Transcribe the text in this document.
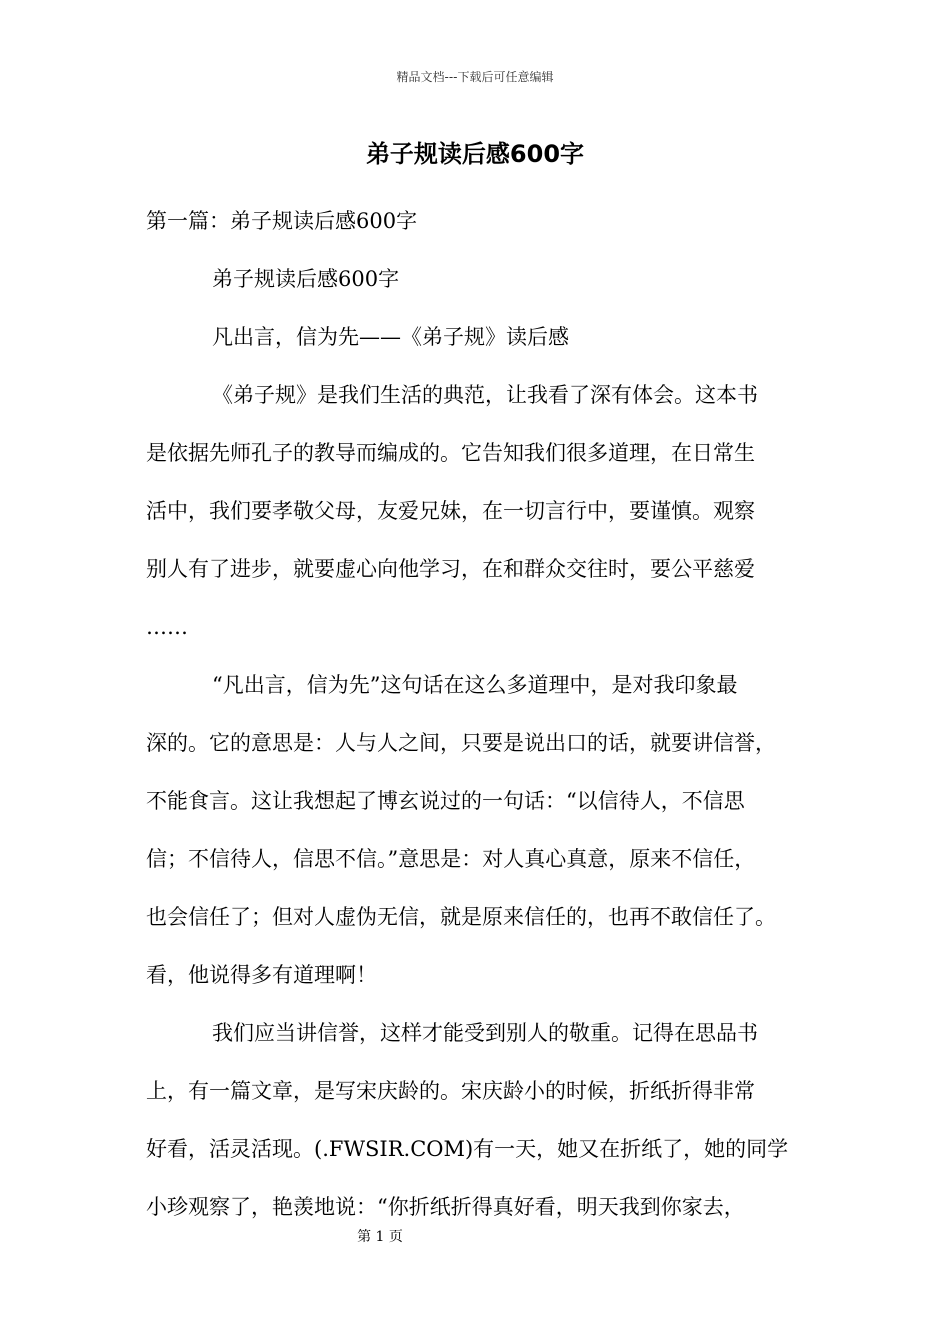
精品文档---下载后可任意编辑
弟子规读后感600字
第一篇：弟子规读后感600字
弟子规读后感600字
凡出言，信为先——《弟子规》读后感
《弟子规》是我们生活的典范，让我看了深有体会。这本书
是依据先师孔子的教导而编成的。它告知我们很多道理，在日常生
活中，我们要孝敬父母，友爱兄妹，在一切言行中，要谨慎。观察
别人有了进步，就要虚心向他学习，在和群众交往时，要公平慈爱
……
“凡出言，信为先”这句话在这么多道理中，是对我印象最
深的。它的意思是：人与人之间，只要是说出口的话，就要讲信誉，
不能食言。这让我想起了博玄说过的一句话：“以信待人，不信思
信；不信待人，信思不信。”意思是：对人真心真意，原来不信任，
也会信任了；但对人虚伪无信，就是原来信任的，也再不敢信任了。
看，他说得多有道理啊！
我们应当讲信誉，这样才能受到别人的敬重。记得在思品书
上，有一篇文章，是写宋庆龄的。宋庆龄小的时候，折纸折得非常
好看，活灵活现。(.FWSIR.COM)有一天，她又在折纸了，她的同学
小珍观察了，艳羡地说：“你折纸折得真好看，明天我到你家去，
第 1 页
